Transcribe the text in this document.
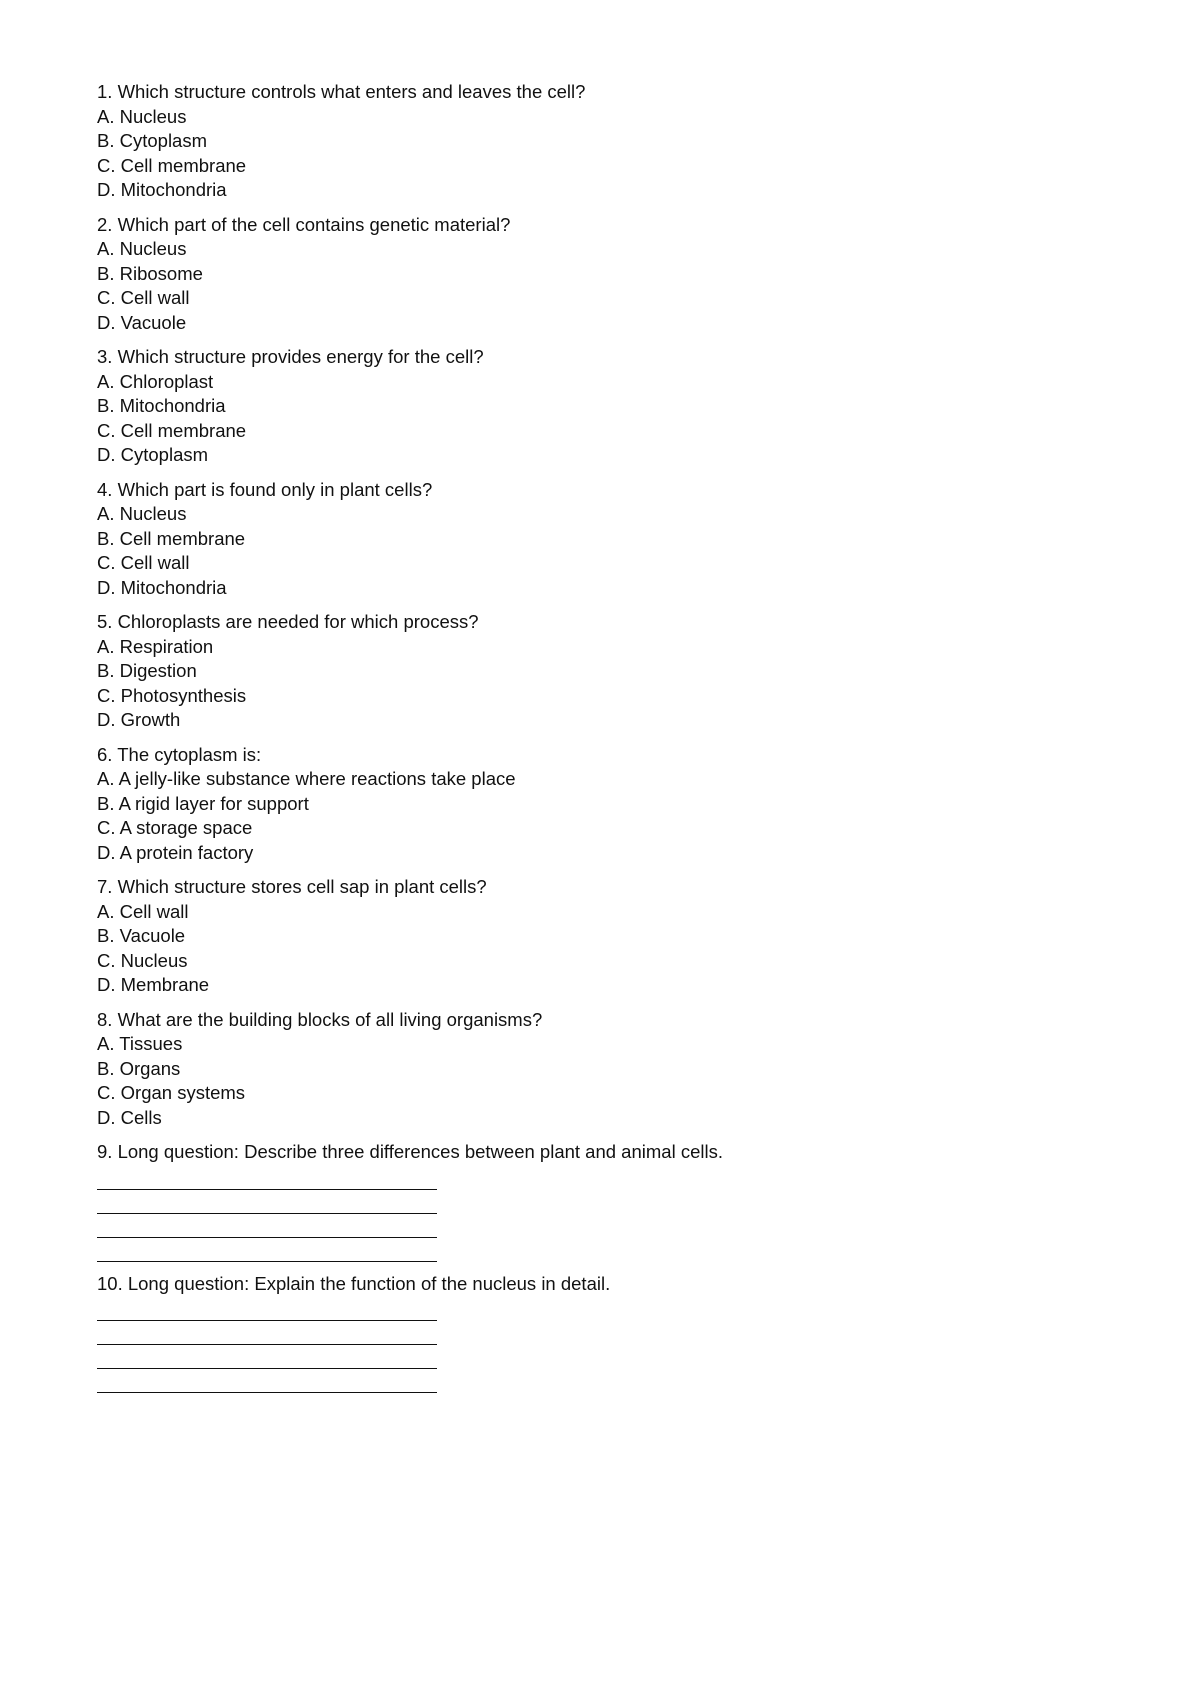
1. Which structure controls what enters and leaves the cell?
A. Nucleus
B. Cytoplasm
C. Cell membrane
D. Mitochondria
2. Which part of the cell contains genetic material?
A. Nucleus
B. Ribosome
C. Cell wall
D. Vacuole
3. Which structure provides energy for the cell?
A. Chloroplast
B. Mitochondria
C. Cell membrane
D. Cytoplasm
4. Which part is found only in plant cells?
A. Nucleus
B. Cell membrane
C. Cell wall
D. Mitochondria
5. Chloroplasts are needed for which process?
A. Respiration
B. Digestion
C. Photosynthesis
D. Growth
6. The cytoplasm is:
A. A jelly-like substance where reactions take place
B. A rigid layer for support
C. A storage space
D. A protein factory
7. Which structure stores cell sap in plant cells?
A. Cell wall
B. Vacuole
C. Nucleus
D. Membrane
8. What are the building blocks of all living organisms?
A. Tissues
B. Organs
C. Organ systems
D. Cells
9. Long question: Describe three differences between plant and animal cells.
10. Long question: Explain the function of the nucleus in detail.
